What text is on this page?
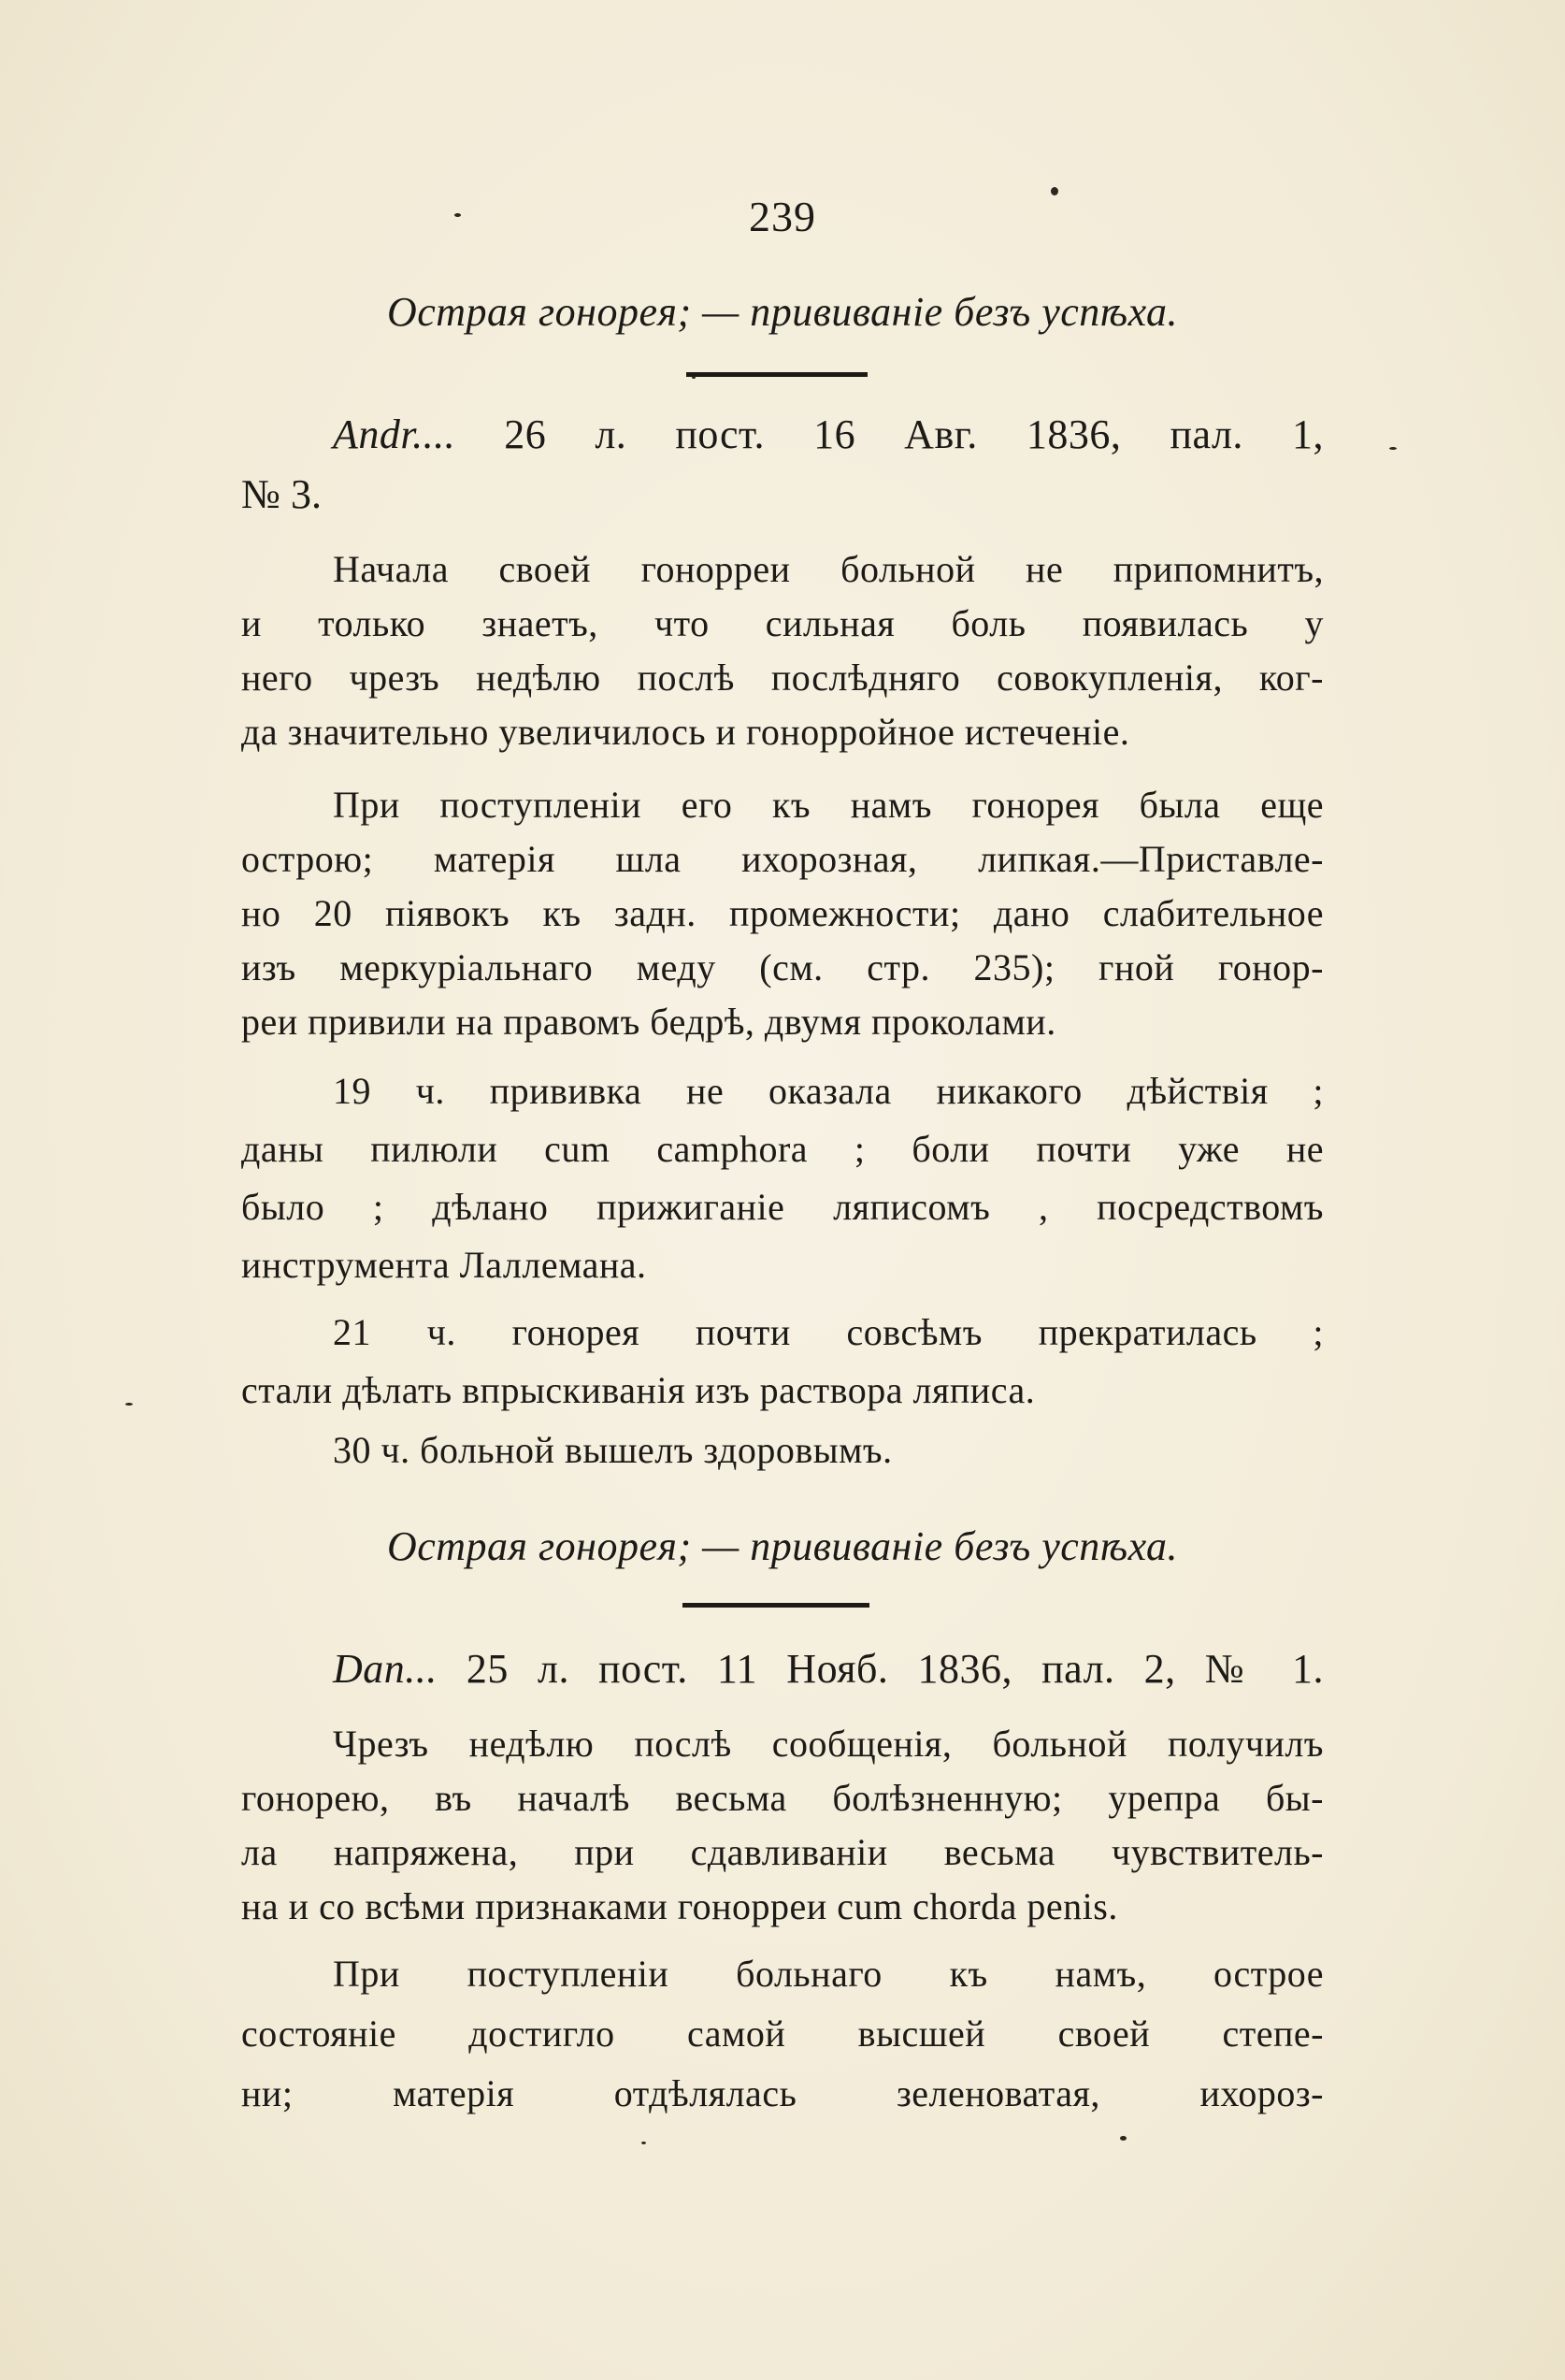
239
Острая гонорея; — прививаніе безъ успѣха.
Andr.... 26 л. пост. 16 Авг. 1836, пал. 1,
№ 3.
Начала своей гонорреи больной не припомнитъ,
и только знаетъ, что сильная боль появилась у
него чрезъ недѣлю послѣ послѣдняго совокупленія, ког-
да значительно увеличилось и гонорройное истеченіе.
При поступленіи его къ намъ гонорея была еще
острою; матерія шла ихорозная, липкая.—Приставле-
но 20 піявокъ къ задн. промежности; дано слабительное
изъ меркуріальнаго меду (см. стр. 235); гной гонор-
реи привили на правомъ бедрѣ, двумя проколами.
19 ч. прививка не оказала никакого дѣйствія ;
даны пилюли cum camphora ; боли почти уже не
было ; дѣлано прижиганіе ляписомъ , посредствомъ
инструмента Лаллемана.
21 ч. гонорея почти совсѣмъ прекратилась ;
стали дѣлать впрыскиванія изъ раствора ляписа.
30 ч. больной вышелъ здоровымъ.
Острая гонорея; — прививаніе безъ успѣха.
Dan... 25 л. пост. 11 Нояб. 1836, пал. 2, № 1.
Чрезъ недѣлю послѣ сообщенія, больной получилъ
гонорею, въ началѣ весьма болѣзненную; урепра бы-
ла напряжена, при сдавливаніи весьма чувствитель-
на и со всѣми признаками гонорреи cum chorda penis.
При поступленіи больнаго къ намъ, острое
состояніе достигло самой высшей своей степе-
ни; матерія отдѣлялась зеленоватая, ихороз-
